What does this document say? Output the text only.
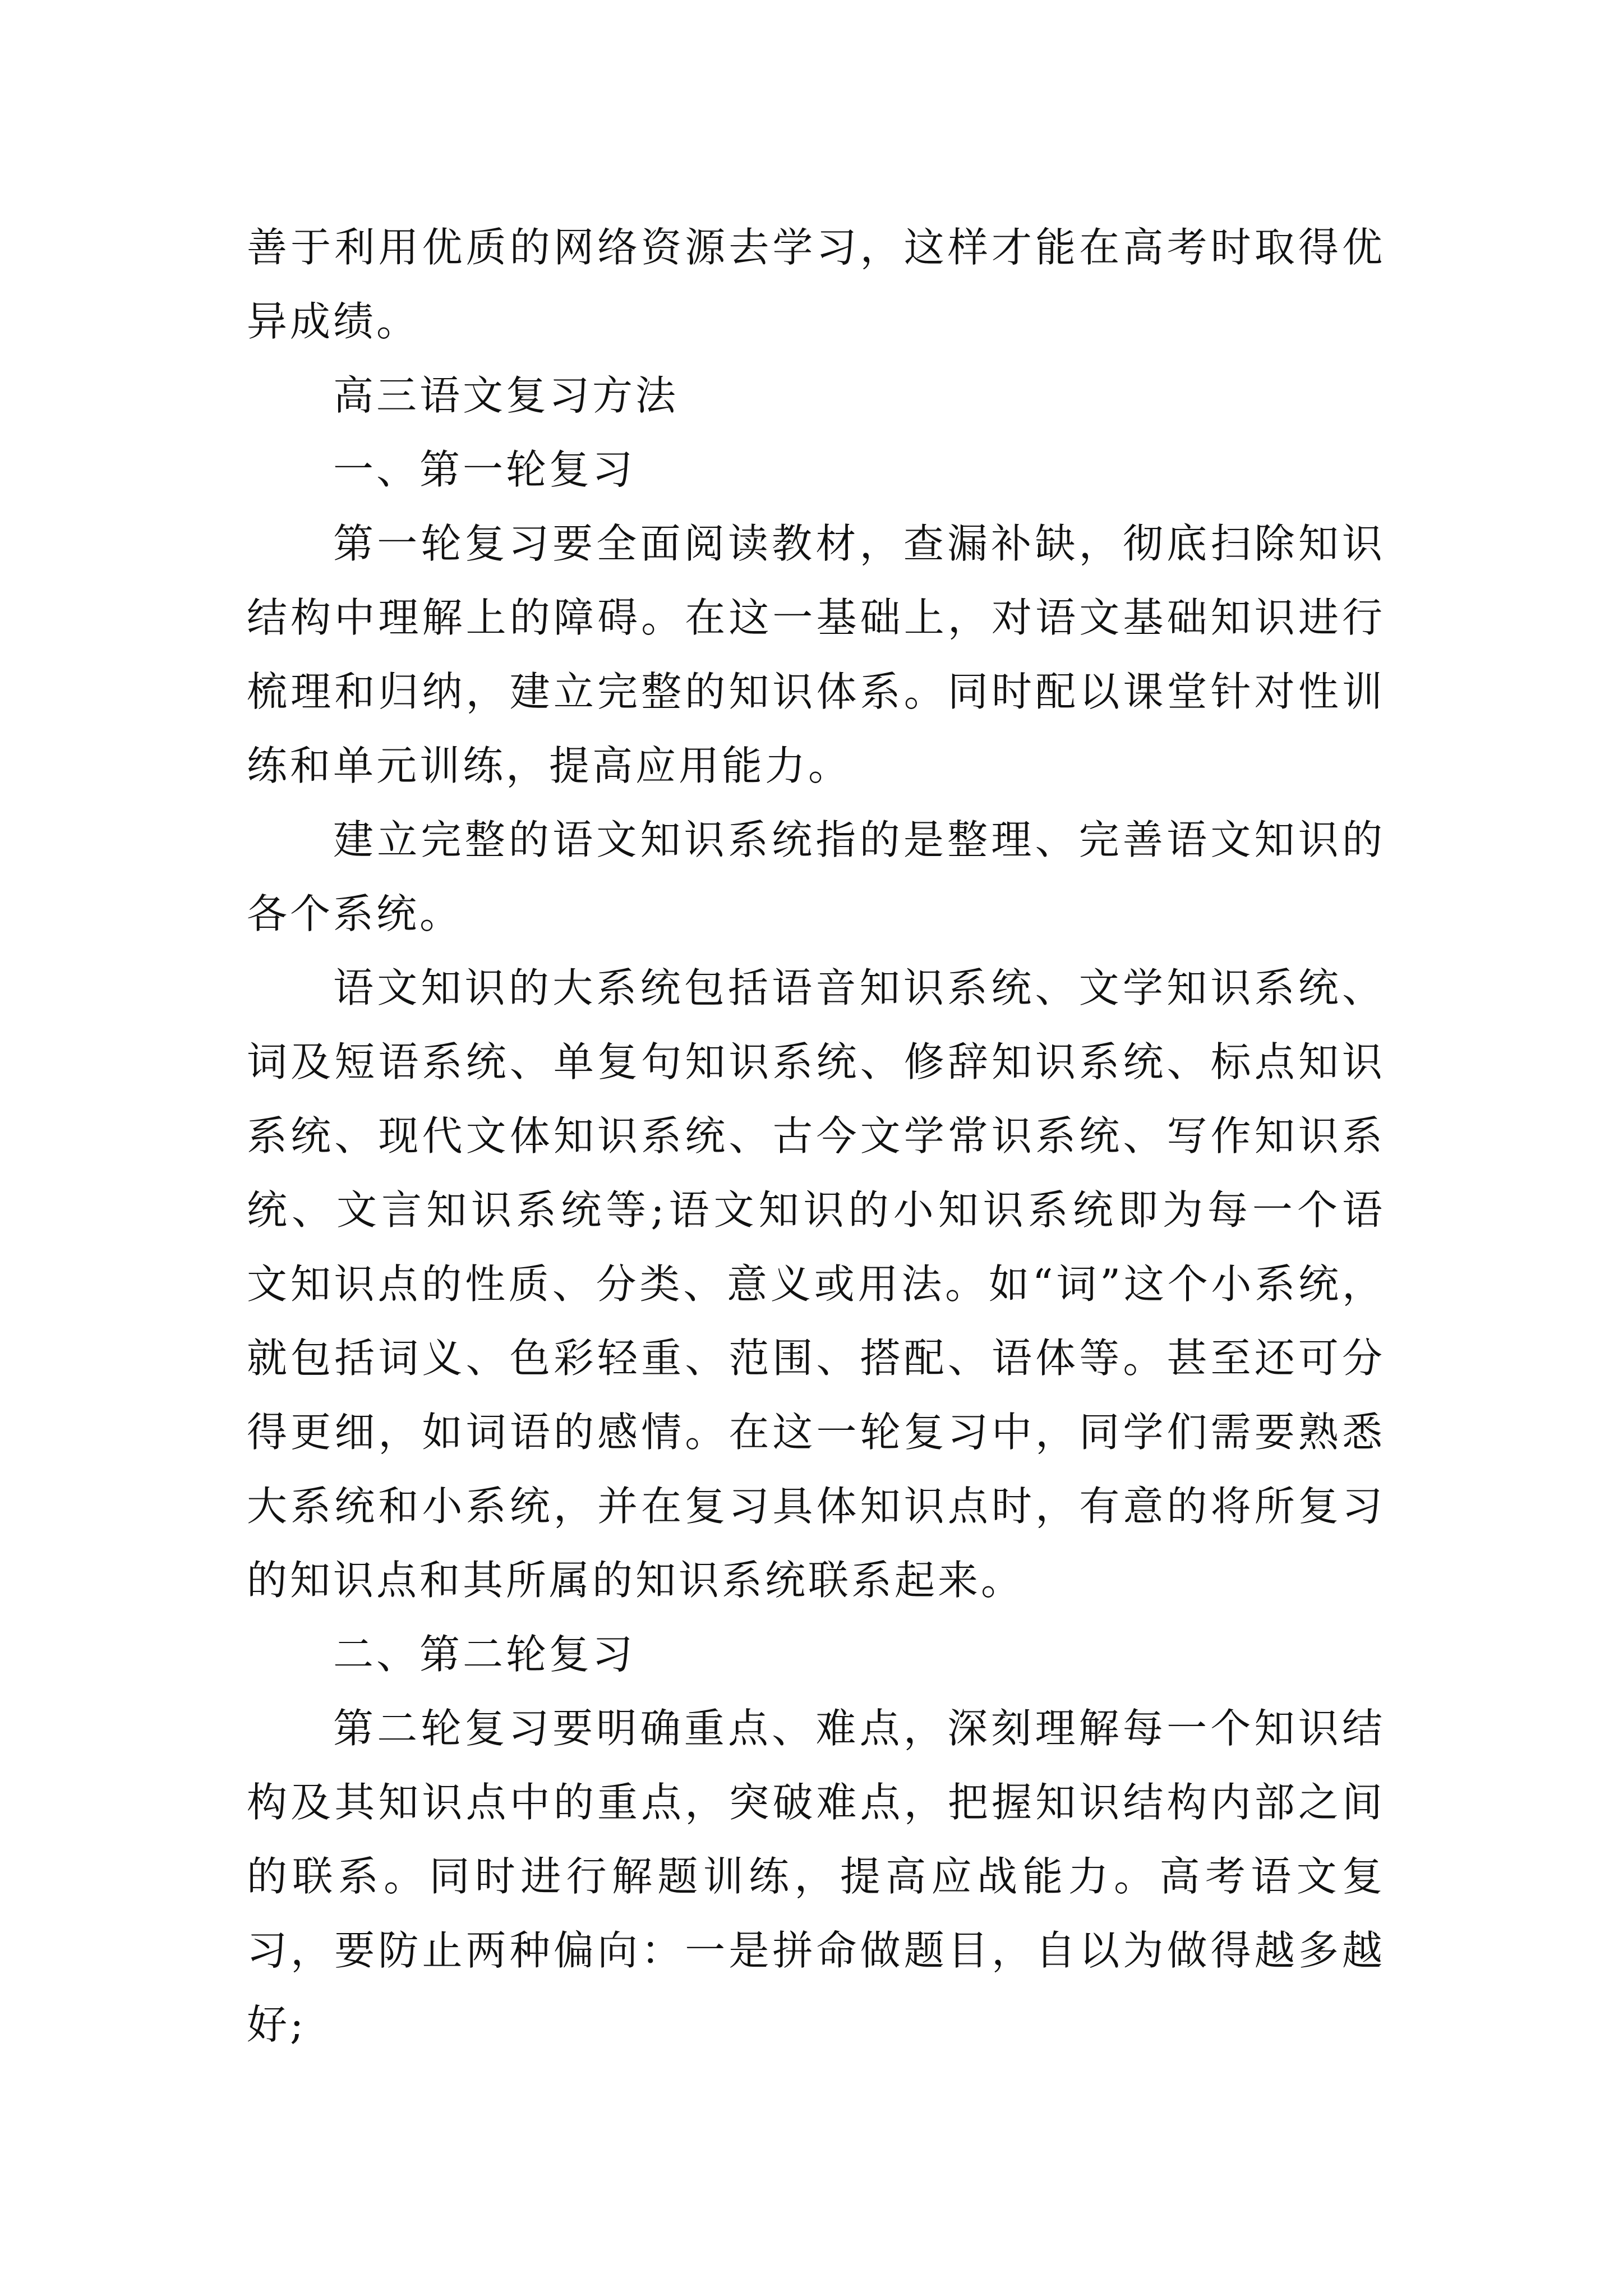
善于利用优质的网络资源去学习，这样才能在高考时取得优异成绩。

高三语文复习方法

一、第一轮复习

第一轮复习要全面阅读教材，查漏补缺，彻底扫除知识结构中理解上的障碍。在这一基础上，对语文基础知识进行梳理和归纳，建立完整的知识体系。同时配以课堂针对性训练和单元训练，提高应用能力。

建立完整的语文知识系统指的是整理、完善语文知识的各个系统。

语文知识的大系统包括语音知识系统、文学知识系统、词及短语系统、单复句知识系统、修辞知识系统、标点知识系统、现代文体知识系统、古今文学常识系统、写作知识系统、文言知识系统等;语文知识的小知识系统即为每一个语文知识点的性质、分类、意义或用法。如“词”这个小系统，就包括词义、色彩轻重、范围、搭配、语体等。甚至还可分得更细，如词语的感情。在这一轮复习中，同学们需要熟悉大系统和小系统，并在复习具体知识点时，有意的将所复习的知识点和其所属的知识系统联系起来。

二、第二轮复习

第二轮复习要明确重点、难点，深刻理解每一个知识结构及其知识点中的重点，突破难点，把握知识结构内部之间的联系。同时进行解题训练，提高应战能力。高考语文复习，要防止两种偏向：一是拼命做题目，自以为做得越多越好;
